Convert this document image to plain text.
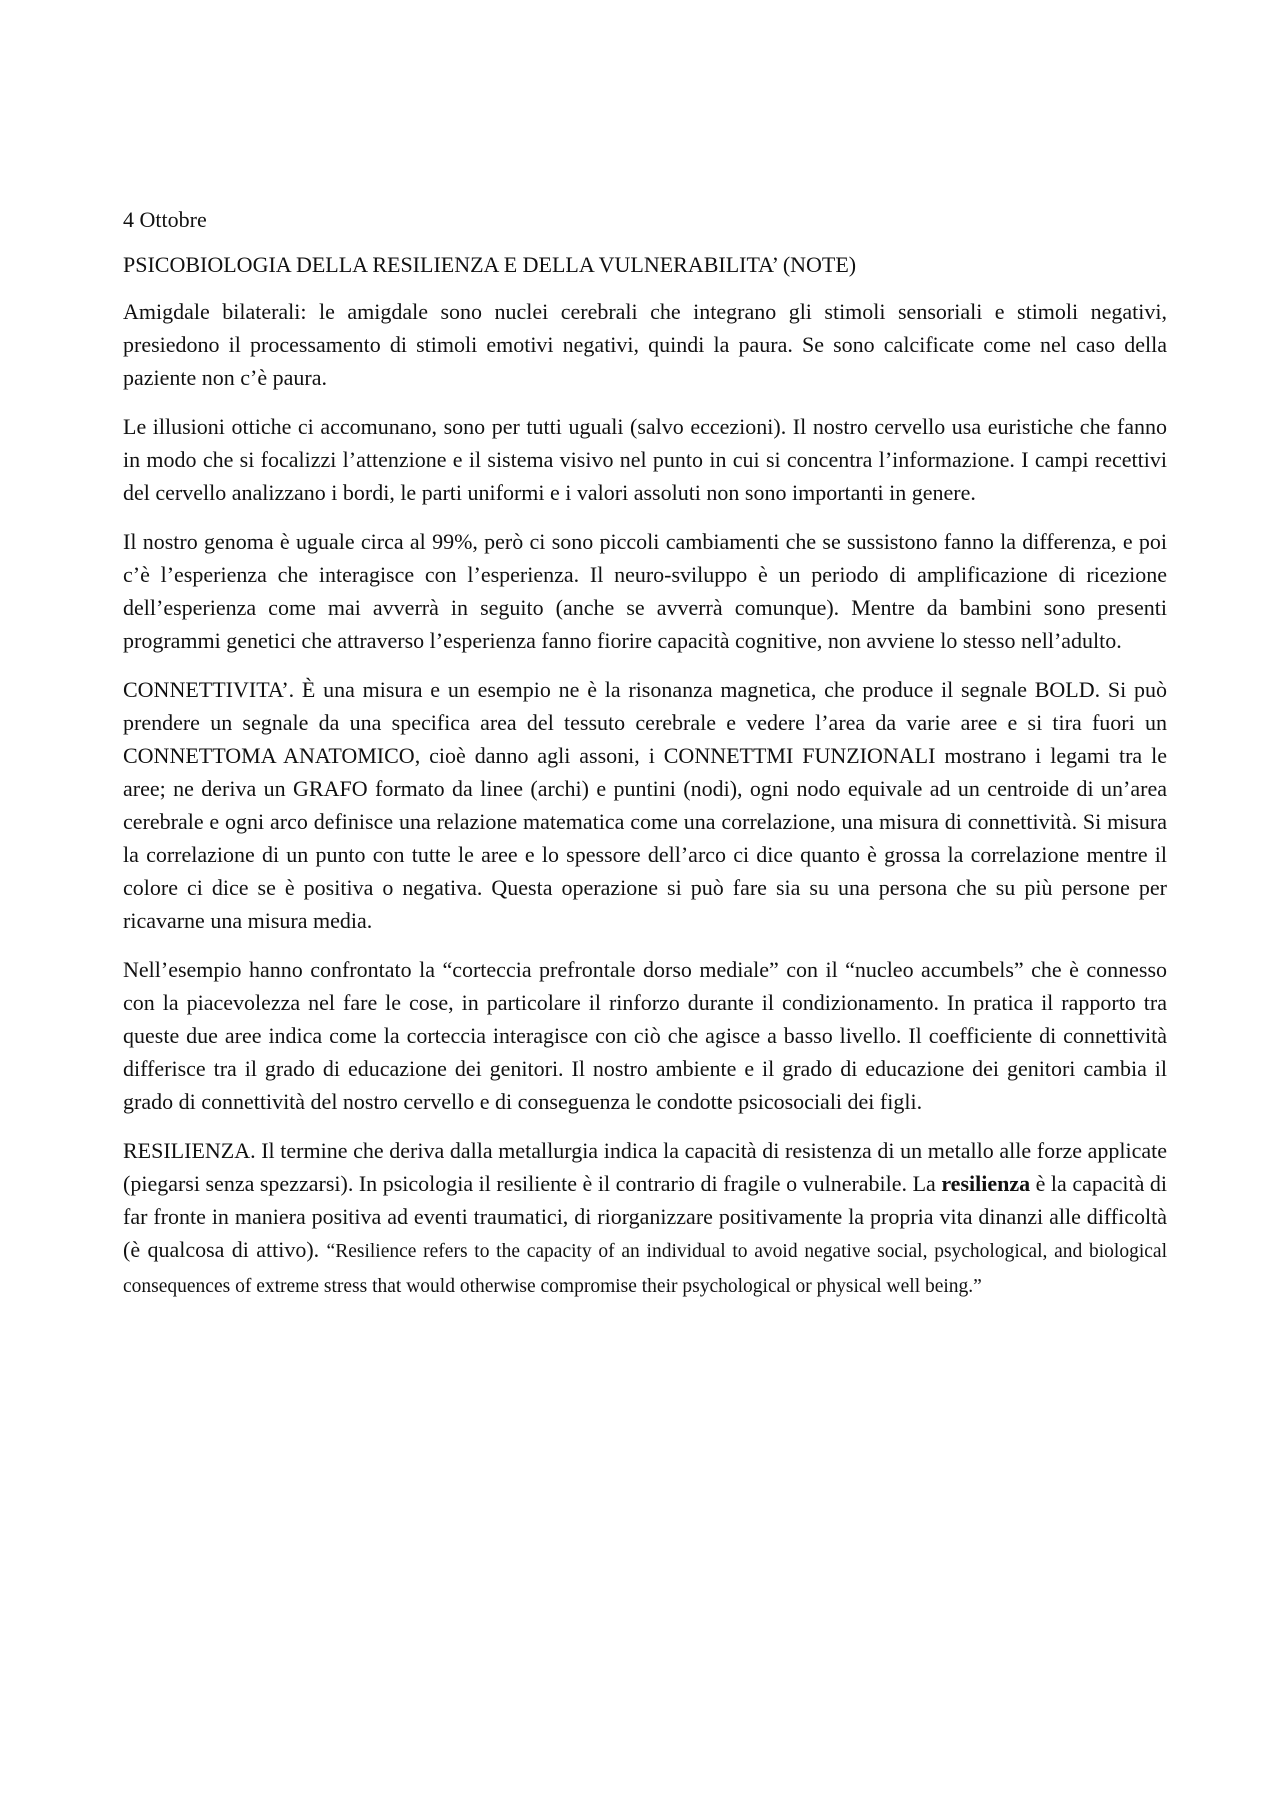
4 Ottobre
PSICOBIOLOGIA DELLA RESILIENZA E DELLA VULNERABILITA’ (NOTE)

Amigdale bilaterali: le amigdale sono nuclei cerebrali che integrano gli stimoli sensoriali e stimoli negativi, presiedono il processamento di stimoli emotivi negativi, quindi la paura. Se sono calcificate come nel caso della paziente non c’è paura.

Le illusioni ottiche ci accomunano, sono per tutti uguali (salvo eccezioni). Il nostro cervello usa euristiche che fanno in modo che si focalizzi l’attenzione e il sistema visivo nel punto in cui si concentra l’informazione. I campi recettivi del cervello analizzano i bordi, le parti uniformi e i valori assoluti non sono importanti in genere.

Il nostro genoma è uguale circa al 99%, però ci sono piccoli cambiamenti che se sussistono fanno la differenza, e poi c’è l’esperienza che interagisce con l’esperienza. Il neuro-sviluppo è un periodo di amplificazione di ricezione dell’esperienza come mai avverrà in seguito (anche se avverrà comunque). Mentre da bambini sono presenti programmi genetici che attraverso l’esperienza fanno fiorire capacità cognitive, non avviene lo stesso nell’adulto.

CONNETTIVITA’. È una misura e un esempio ne è la risonanza magnetica, che produce il segnale BOLD. Si può prendere un segnale da una specifica area del tessuto cerebrale e vedere l’area da varie aree e si tira fuori un CONNETTOMA ANATOMICO, cioè danno agli assoni, i CONNETTMI FUNZIONALI mostrano i legami tra le aree; ne deriva un GRAFO formato da linee (archi) e puntini (nodi), ogni nodo equivale ad un centroide di un’area cerebrale e ogni arco definisce una relazione matematica come una correlazione, una misura di connettività. Si misura la correlazione di un punto con tutte le aree e lo spessore dell’arco ci dice quanto è grossa la correlazione mentre il colore ci dice se è positiva o negativa. Questa operazione si può fare sia su una persona che su più persone per ricavarne una misura media.

Nell’esempio hanno confrontato la “corteccia prefrontale dorso mediale” con il “nucleo accumbels” che è connesso con la piacevolezza nel fare le cose, in particolare il rinforzo durante il condizionamento. In pratica il rapporto tra queste due aree indica come la corteccia interagisce con ciò che agisce a basso livello. Il coefficiente di connettività differisce tra il grado di educazione dei genitori. Il nostro ambiente e il grado di educazione dei genitori cambia il grado di connettività del nostro cervello e di conseguenza le condotte psicosociali dei figli.

RESILIENZA. Il termine che deriva dalla metallurgia indica la capacità di resistenza di un metallo alle forze applicate (piegarsi senza spezzarsi). In psicologia il resiliente è il contrario di fragile o vulnerabile. La resilienza è la capacità di far fronte in maniera positiva ad eventi traumatici, di riorganizzare positivamente la propria vita dinanzi alle difficoltà (è qualcosa di attivo). “Resilience refers to the capacity of an individual to avoid negative social, psychological, and biological consequences of extreme stress that would otherwise compromise their psychological or physical well being.”
